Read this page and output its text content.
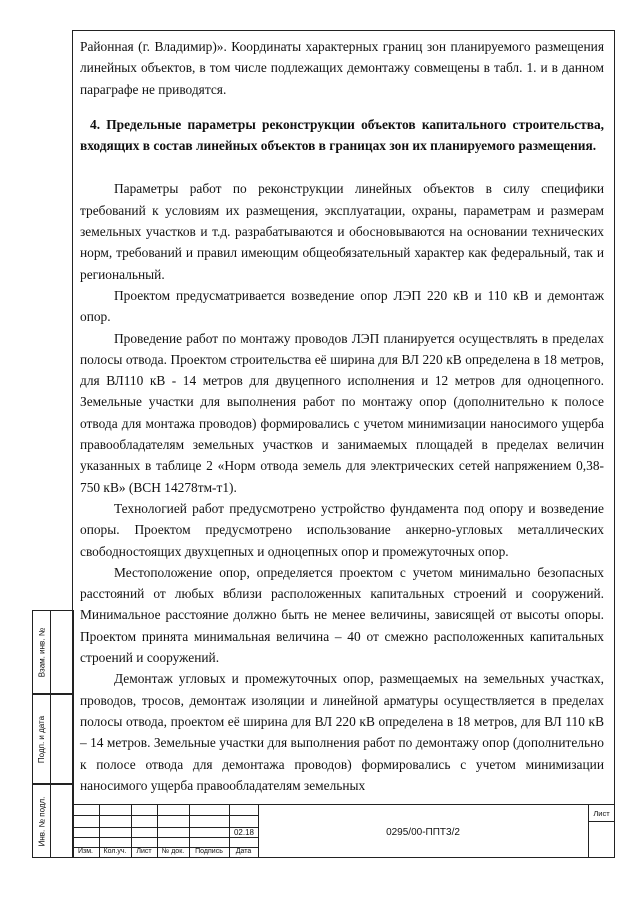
Районная (г. Владимир)». Координаты характерных границ зон планируемого размещения линейных объектов, в том числе подлежащих демонтажу совмещены в табл. 1. и в данном параграфе не приводятся.

4. Предельные параметры реконструкции объектов капитального строительства, входящих в состав линейных объектов в границах зон их планируемого размещения.

Параметры работ по реконструкции линейных объектов в силу специфики требований к условиям их размещения, эксплуатации, охраны, параметрам и размерам земельных участков и т.д. разрабатываются и обосновываются на основании технических норм, требований и правил имеющим общеобязательный характер как федеральный, так и региональный.

Проектом предусматривается возведение опор ЛЭП 220 кВ и 110 кВ и демонтаж опор.

Проведение работ по монтажу проводов ЛЭП планируется осуществлять в пределах полосы отвода. Проектом строительства её ширина для ВЛ 220 кВ определена в 18 метров, для ВЛ110 кВ - 14 метров для двуцепного исполнения и 12 метров для одноцепного. Земельные участки для выполнения работ по монтажу опор (дополнительно к полосе отвода для монтажа проводов) формировались с учетом минимизации наносимого ущерба правообладателям земельных участков и занимаемых площадей в пределах величин указанных в таблице 2 «Норм отвода земель для электрических сетей напряжением 0,38-750 кВ» (ВСН 14278тм-т1).

Технологией работ предусмотрено устройство фундамента под опору и возведение опоры. Проектом предусмотрено использование анкерно-угловых металлических свободностоящих двухцепных и одноцепных опор и промежуточных опор.

Местоположение опор, определяется проектом с учетом минимально безопасных расстояний от любых вблизи расположенных капитальных строений и сооружений. Минимальное расстояние должно быть не менее величины, зависящей от высоты опоры. Проектом принята минимальная величина – 40 от смежно расположенных капитальных строений и сооружений.

Демонтаж угловых и промежуточных опор, размещаемых на земельных участках, проводов, тросов, демонтаж изоляции и линейной арматуры осуществляется в пределах полосы отвода, проектом её ширина для ВЛ 220 кВ определена в 18 метров, для ВЛ 110 кВ – 14 метров. Земельные участки для выполнения работ по демонтажу опор (дополнительно к полосе отвода для демонтажа проводов) формировались с учетом минимизации наносимого ущерба правообладателям земельных

Взам. инв. №
Подп. и дата
Инв. № подл.	02.18
Изм.	Кол.уч.	Лист	№ док.	Подпись	Дата
0295/00-ППТ3/2
Лист
